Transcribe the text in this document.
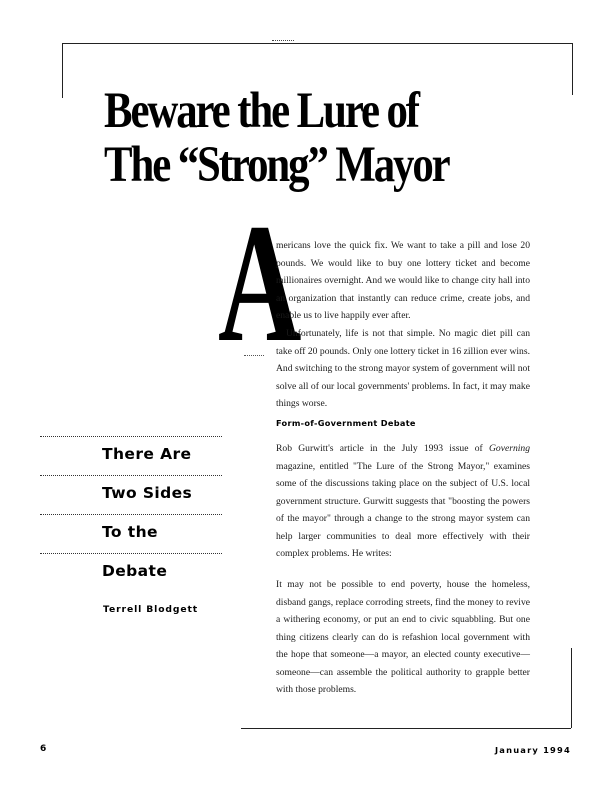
Beware the Lure of
The “Strong” Mayor
A

mericans love the quick fix. We want to take a pill and lose 20 pounds. We would like to buy one lottery ticket and become millionaires overnight. And we would like to change city hall into an organization that instantly can reduce crime, create jobs, and enable us to live happily ever after.

Unfortunately, life is not that simple. No magic diet pill can take off 20 pounds. Only one lottery ticket in 16 zillion ever wins. And switching to the strong mayor system of government will not solve all of our local governments' problems. In fact, it may make things worse.

Form-of-Government Debate

Rob Gurwitt's article in the July 1993 issue of Governing magazine, entitled "The Lure of the Strong Mayor," examines some of the discussions taking place on the subject of U.S. local government structure. Gurwitt suggests that "boosting the powers of the mayor" through a change to the strong mayor system can help larger communities to deal more effectively with their complex problems. He writes:

It may not be possible to end poverty, house the homeless, disband gangs, replace corroding streets, find the money to revive a withering economy, or put an end to civic squabbling. But one thing citizens clearly can do is refashion local government with the hope that someone—a mayor, an elected county executive—someone—can assemble the political authority to grapple better with those problems.

There Are
Two Sides
To the
Debate
Terrell Blodgett
6	January 1994
